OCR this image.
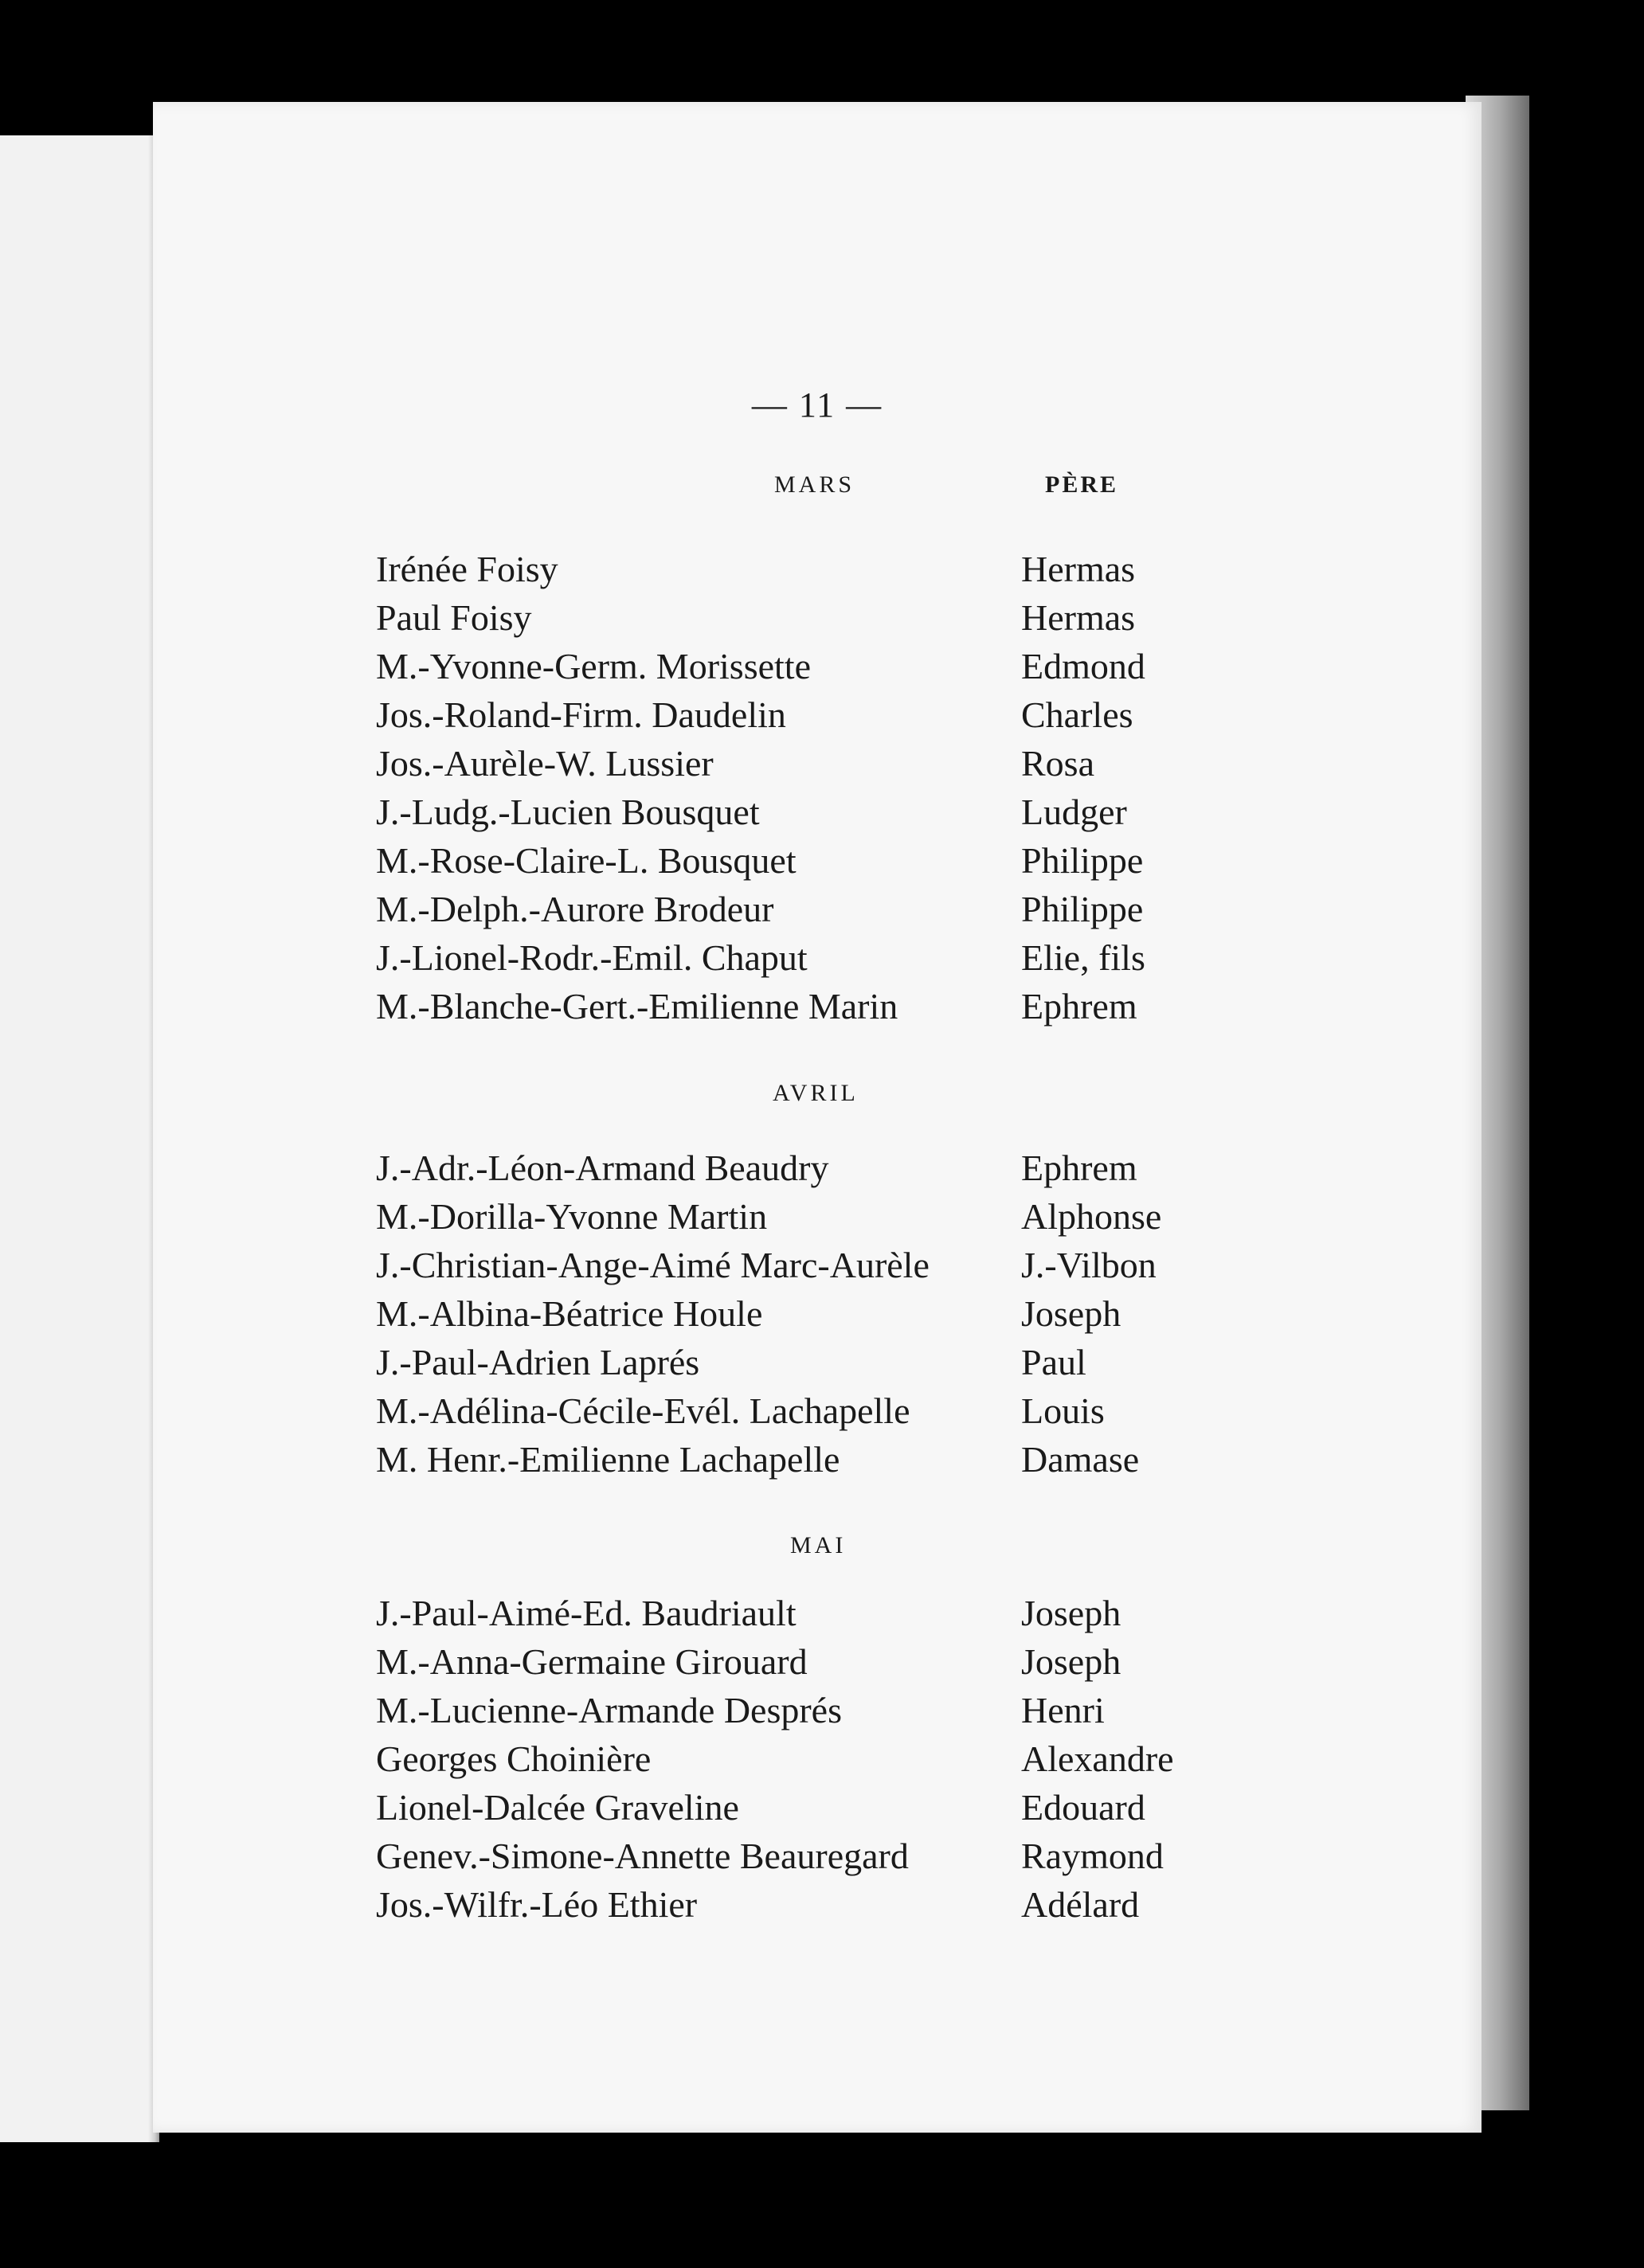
— 11 —
MARS	PÈRE
Irénée Foisy	Hermas
Paul Foisy	Hermas
M.-Yvonne-Germ. Morissette	Edmond
Jos.-Roland-Firm. Daudelin	Charles
Jos.-Aurèle-W. Lussier	Rosa
J.-Ludg.-Lucien Bousquet	Ludger
M.-Rose-Claire-L. Bousquet	Philippe
M.-Delph.-Aurore Brodeur	Philippe
J.-Lionel-Rodr.-Emil. Chaput	Elie, fils
M.-Blanche-Gert.-Emilienne Marin	Ephrem
AVRIL
J.-Adr.-Léon-Armand Beaudry	Ephrem
M.-Dorilla-Yvonne Martin	Alphonse
J.-Christian-Ange-Aimé Marc-Aurèle	J.-Vilbon
M.-Albina-Béatrice Houle	Joseph
J.-Paul-Adrien Laprés	Paul
M.-Adélina-Cécile-Evél. Lachapelle	Louis
M. Henr.-Emilienne Lachapelle	Damase
MAI
J.-Paul-Aimé-Ed. Baudriault	Joseph
M.-Anna-Germaine Girouard	Joseph
M.-Lucienne-Armande Després	Henri
Georges Choinière	Alexandre
Lionel-Dalcée Graveline	Edouard
Genev.-Simone-Annette Beauregard	Raymond
Jos.-Wilfr.-Léo Ethier	Adélard
